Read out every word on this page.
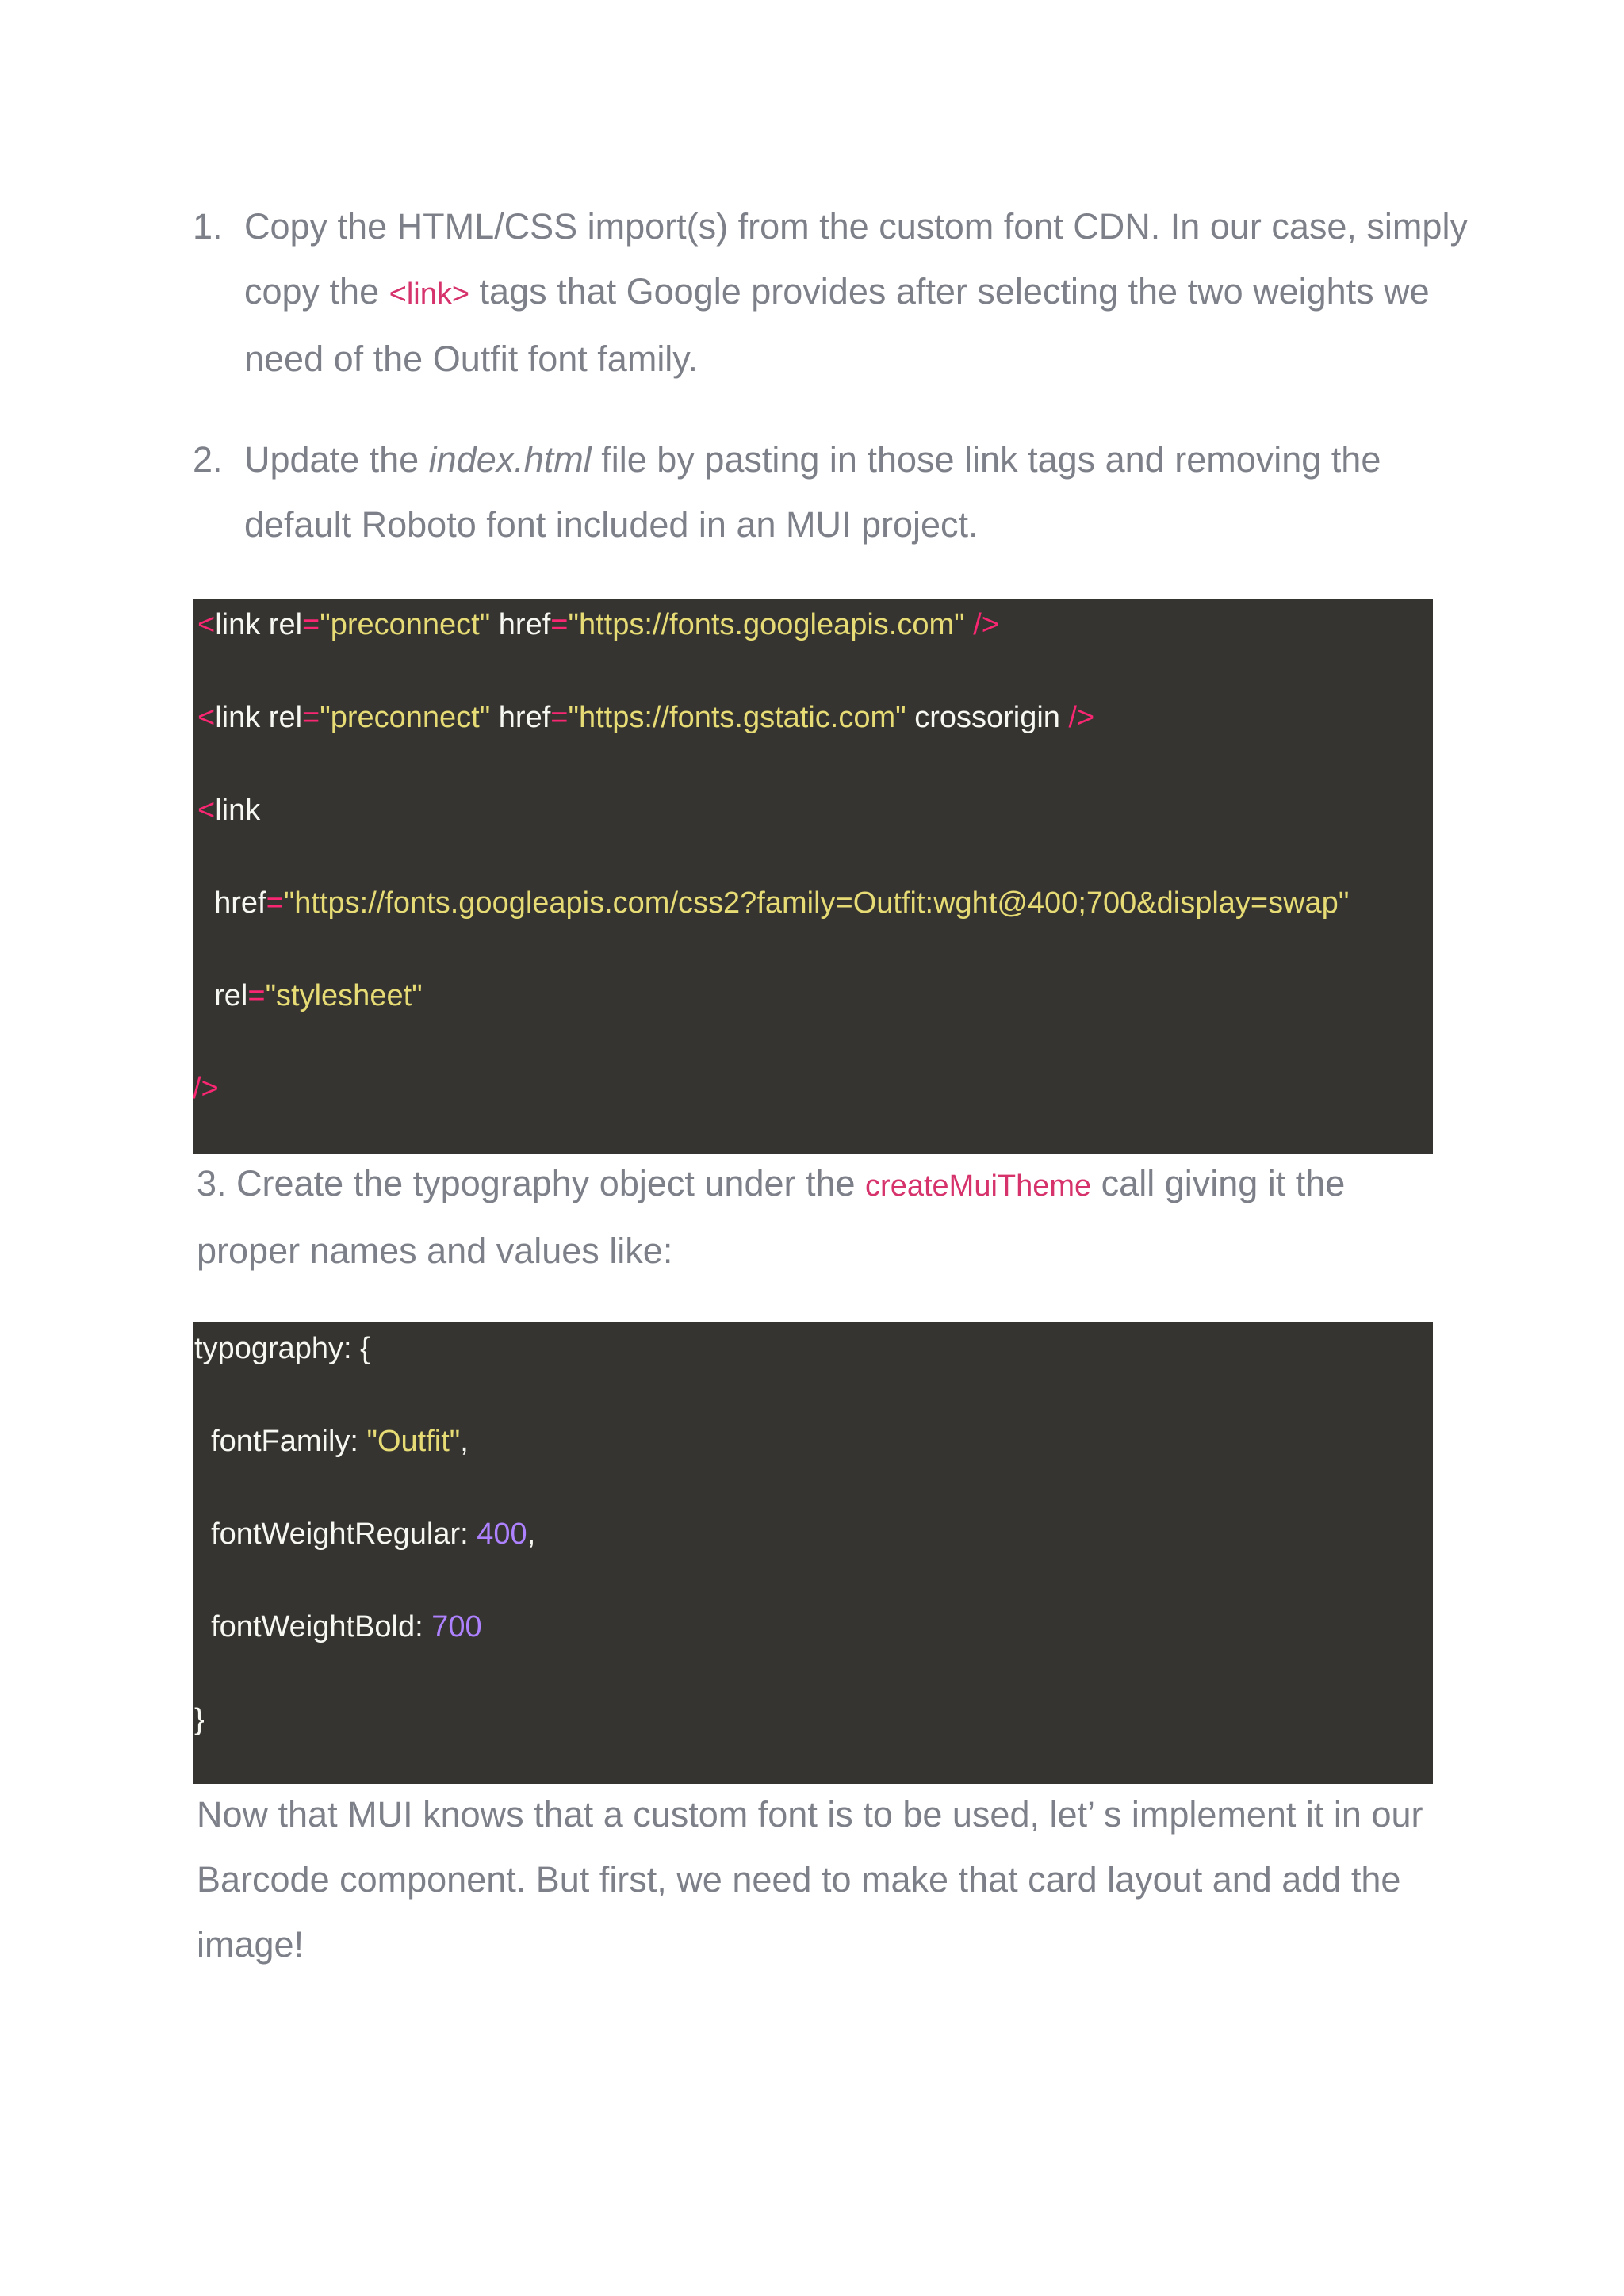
1. Copy the HTML/CSS import(s) from the custom font CDN. In our case, simply
copy the <link> tags that Google provides after selecting the two weights we
need of the Outfit font family.
2. Update the index.html file by pasting in those link tags and removing the
default Roboto font included in an MUI project.
<link rel="preconnect" href="https://fonts.googleapis.com" />
<link rel="preconnect" href="https://fonts.gstatic.com" crossorigin />
<link
href="https://fonts.googleapis.com/css2?family=Outfit:wght@400;700&display=swap"
rel="stylesheet"
/>
3. Create the typography object under the createMuiTheme call giving it the
proper names and values like:
typography: {
fontFamily: "Outfit",
fontWeightRegular: 400,
fontWeightBold: 700
}
Now that MUI knows that a custom font is to be used, let’ s implement it in our
Barcode component. But first, we need to make that card layout and add the
image!
